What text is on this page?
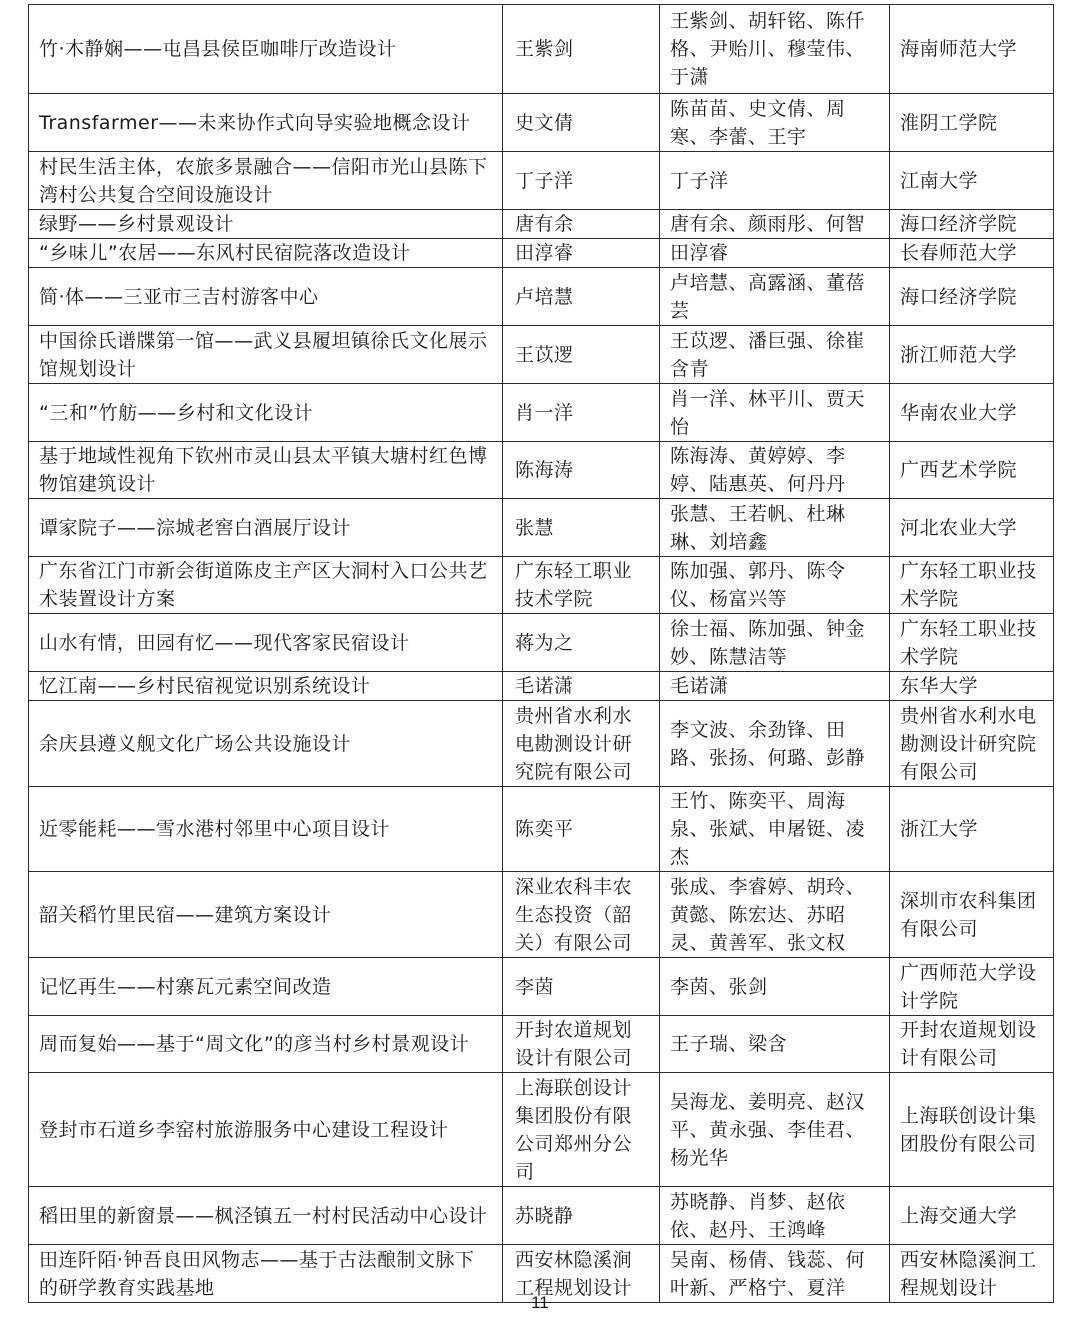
竹·木静娴——屯昌县侯臣咖啡厅改造设计	王紫剑	王紫剑、胡轩铭、陈仟格、尹贻川、穆莹伟、于潇	海南师范大学
Transfarmer——未来协作式向导实验地概念设计	史文倩	陈苗苗、史文倩、周寒、李蕾、王宇	淮阴工学院
村民生活主体，农旅多景融合——信阳市光山县陈下湾村公共复合空间设施设计	丁子洋	丁子洋	江南大学
绿野——乡村景观设计	唐有余	唐有余、颜雨彤、何智	海口经济学院
“乡味儿”农居——东风村民宿院落改造设计	田淳睿	田淳睿	长春师范大学
简·体——三亚市三吉村游客中心	卢培慧	卢培慧、高露涵、董蓓芸	海口经济学院
中国徐氏谱牒第一馆——武义县履坦镇徐氏文化展示馆规划设计	王苡逻	王苡逻、潘巨强、徐崔含青	浙江师范大学
“三和”竹舫——乡村和文化设计	肖一洋	肖一洋、林平川、贾天怡	华南农业大学
基于地域性视角下钦州市灵山县太平镇大塘村红色博物馆建筑设计	陈海涛	陈海涛、黄婷婷、李婷、陆惠英、何丹丹	广西艺术学院
谭家院子——淙城老窖白酒展厅设计	张慧	张慧、王若帆、杜琳琳、刘培鑫	河北农业大学
广东省江门市新会街道陈皮主产区大洞村入口公共艺术装置设计方案	广东轻工职业技术学院	陈加强、郭丹、陈令仪、杨富兴等	广东轻工职业技术学院
山水有情，田园有忆——现代客家民宿设计	蒋为之	徐士福、陈加强、钟金妙、陈慧洁等	广东轻工职业技术学院
忆江南——乡村民宿视觉识别系统设计	毛诺潇	毛诺潇	东华大学
余庆县遵义舰文化广场公共设施设计	贵州省水利水电勘测设计研究院有限公司	李文波、余劲锋、田路、张扬、何璐、彭静	贵州省水利水电勘测设计研究院有限公司
近零能耗——雪水港村邻里中心项目设计	陈奕平	王竹、陈奕平、周海泉、张斌、申屠铤、凌杰	浙江大学
韶关稻竹里民宿——建筑方案设计	深业农科丰农生态投资（韶关）有限公司	张成、李睿婷、胡玲、黄懿、陈宏达、苏昭灵、黄善军、张文权	深圳市农科集团有限公司
记忆再生——村寨瓦元素空间改造	李茵	李茵、张剑	广西师范大学设计学院
周而复始——基于“周文化”的彦当村乡村景观设计	开封农道规划设计有限公司	王子瑞、梁含	开封农道规划设计有限公司
登封市石道乡李窑村旅游服务中心建设工程设计	上海联创设计集团股份有限公司郑州分公司	吴海龙、姜明亮、赵汉平、黄永强、李佳君、杨光华	上海联创设计集团股份有限公司
稻田里的新窗景——枫泾镇五一村村民活动中心设计	苏晓静	苏晓静、肖梦、赵依依、赵丹、王鸿峰	上海交通大学
田连阡陌·钟吾良田风物志——基于古法酿制文脉下的研学教育实践基地	西安林隐溪涧工程规划设计	吴南、杨倩、钱蕊、何叶新、严格宁、夏洋	西安林隐溪涧工程规划设计
11
